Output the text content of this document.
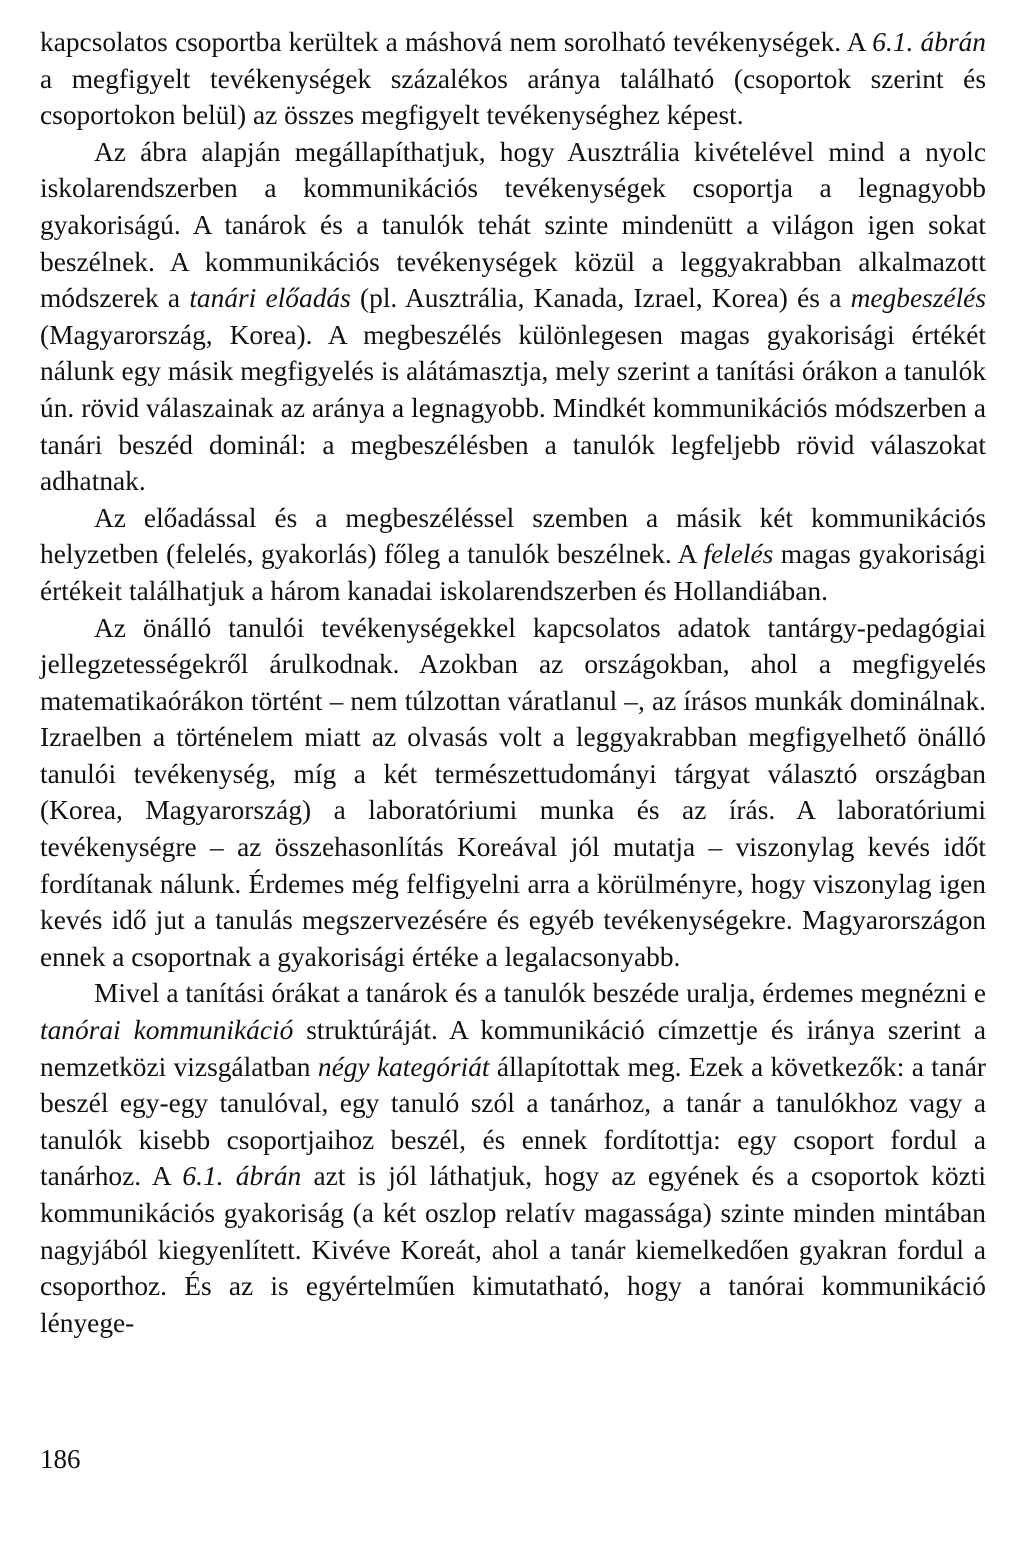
kapcsolatos csoportba kerültek a máshová nem sorolható tevékenységek. A 6.1. ábrán a megfigyelt tevékenységek százalékos aránya található (csoportok szerint és csoportokon belül) az összes megfigyelt tevékenységhez képest.

Az ábra alapján megállapíthatjuk, hogy Ausztrália kivételével mind a nyolc iskolarendszerben a kommunikációs tevékenységek csoportja a legnagyobb gyakoriságú. A tanárok és a tanulók tehát szinte mindenütt a világon igen sokat beszélnek. A kommunikációs tevékenységek közül a leggyakrabban alkalmazott módszerek a tanári előadás (pl. Ausztrália, Kanada, Izrael, Korea) és a megbeszélés (Magyarország, Korea). A megbeszélés különlegesen magas gyakorisági értékét nálunk egy másik megfigyelés is alátámasztja, mely szerint a tanítási órákon a tanulók ún. rövid válaszainak az aránya a legnagyobb. Mindkét kommunikációs módszerben a tanári beszéd dominál: a megbeszélésben a tanulók legfeljebb rövid válaszokat adhatnak.

Az előadással és a megbeszéléssel szemben a másik két kommunikációs helyzetben (felelés, gyakorlás) főleg a tanulók beszélnek. A felelés magas gyakorisági értékeit találhatjuk a három kanadai iskolarendszerben és Hollandiában.

Az önálló tanulói tevékenységekkel kapcsolatos adatok tantárgy-pedagógiai jellegzetességekről árulkodnak. Azokban az országokban, ahol a megfigyelés matematikaórákon történt – nem túlzottan váratlanul –, az írásos munkák dominálnak. Izraelben a történelem miatt az olvasás volt a leggyakrabban megfigyelhető önálló tanulói tevékenység, míg a két természettudományi tárgyat választó országban (Korea, Magyarország) a laboratóriumi munka és az írás. A laboratóriumi tevékenységre – az összehasonlítás Koreával jól mutatja – viszonylag kevés időt fordítanak nálunk. Érdemes még felfigyelni arra a körülményre, hogy viszonylag igen kevés idő jut a tanulás megszervezésére és egyéb tevékenységekre. Magyarországon ennek a csoportnak a gyakorisági értéke a legalacsonyabb.

Mivel a tanítási órákat a tanárok és a tanulók beszéde uralja, érdemes megnézni e tanórai kommunikáció struktúráját. A kommunikáció címzettje és iránya szerint a nemzetközi vizsgálatban négy kategóriát állapítottak meg. Ezek a következők: a tanár beszél egy-egy tanulóval, egy tanuló szól a tanárhoz, a tanár a tanulókhoz vagy a tanulók kisebb csoportjaihoz beszél, és ennek fordítottja: egy csoport fordul a tanárhoz. A 6.1. ábrán azt is jól láthatjuk, hogy az egyének és a csoportok közti kommunikációs gyakoriság (a két oszlop relatív magassága) szinte minden mintában nagyjából kiegyenlített. Kivéve Koreát, ahol a tanár kiemelkedően gyakran fordul a csoporthoz. És az is egyértelműen kimutatható, hogy a tanórai kommunikáció lényege-

186
